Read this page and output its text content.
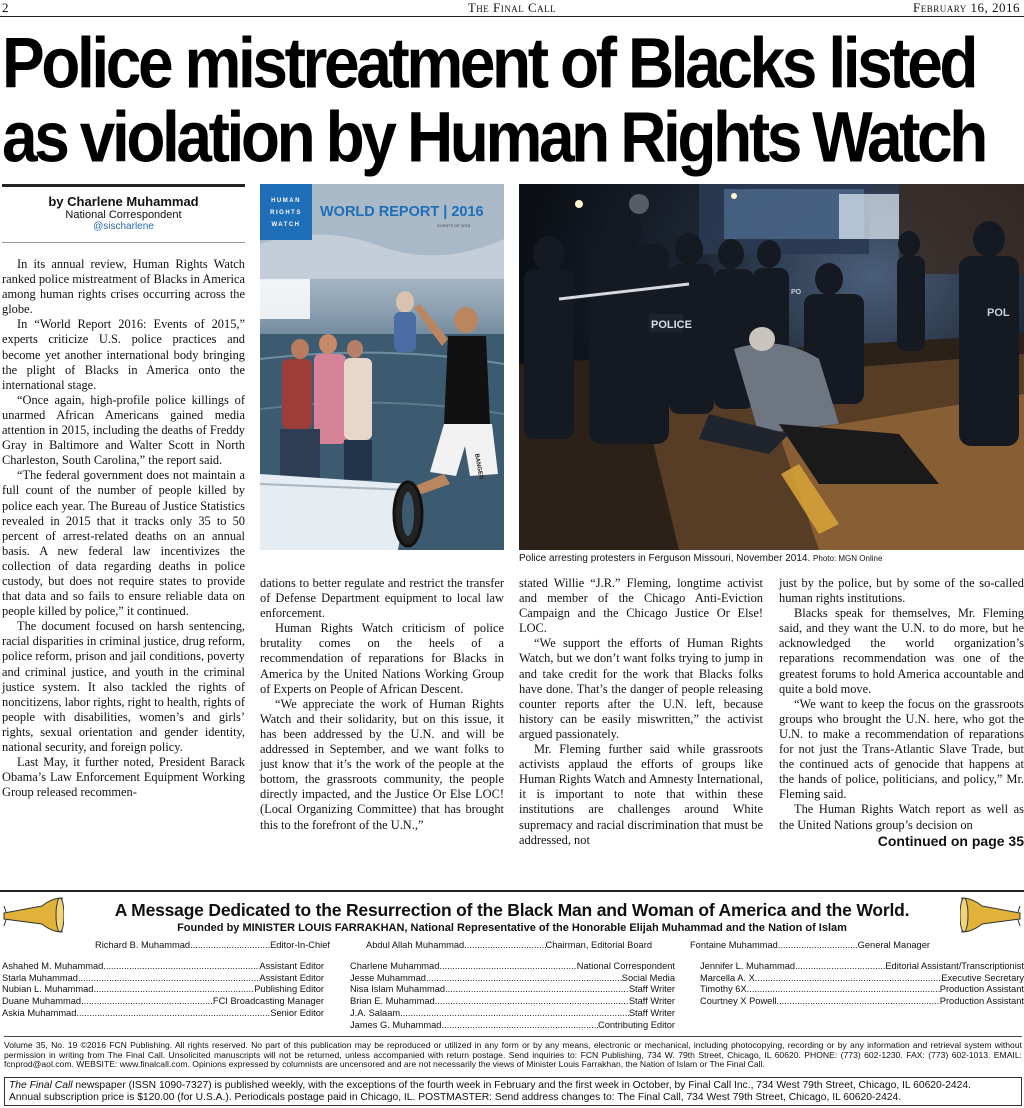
2	The Final Call	February 16, 2016
Police mistreatment of Blacks listed
as violation by Human Rights Watch
by Charlene Muhammad
National Correspondent
@sischarlene

In its annual review, Human Rights Watch ranked police mistreatment of Blacks in America among human rights crises occurring across the globe.

In “World Report 2016: Events of 2015,” experts criticize U.S. police practices and become yet another international body bringing the plight of Blacks in America onto the international stage.

“Once again, high-profile police killings of unarmed African Americans gained media attention in 2015, including the deaths of Freddy Gray in Baltimore and Walter Scott in North Charleston, South Carolina,” the report said.

“The federal government does not maintain a full count of the number of people killed by police each year. The Bureau of Justice Statistics revealed in 2015 that it tracks only 35 to 50 percent of arrest-related deaths on an annual basis. A new federal law incentivizes the collection of data regarding deaths in police custody, but does not require states to provide that data and so fails to ensure reliable data on people killed by police,” it continued.

The document focused on harsh sentencing, racial disparities in criminal justice, drug reform, police reform, prison and jail conditions, poverty and criminal justice, and youth in the criminal justice system. It also tackled the rights of noncitizens, labor rights, right to health, rights of people with disabilities, women’s and girls’ rights, sexual orientation and gender identity, national security, and foreign policy.

Last May, it further noted, President Barack Obama’s Law Enforcement Equipment Working Group released recommen-

dations to better regulate and restrict the transfer of Defense Department equipment to local law enforcement.

Human Rights Watch criticism of police brutality comes on the heels of a recommendation of reparations for Blacks in America by the United Nations Working Group of Experts on People of African Descent.

“We appreciate the work of Human Rights Watch and their solidarity, but on this issue, it has been addressed by the U.N. and will be addressed in September, and we want folks to just know that it’s the work of the people at the bottom, the grassroots community, the people directly impacted, and the Justice Or Else LOC! (Local Organizing Committee) that has brought this to the forefront of the U.N.,”

stated Willie “J.R.” Fleming, longtime activist and member of the Chicago Anti-Eviction Campaign and the Chicago Justice Or Else! LOC.

“We support the efforts of Human Rights Watch, but we don’t want folks trying to jump in and take credit for the work that Blacks folks have done. That’s the danger of people releasing counter reports after the U.N. left, because history can be easily miswritten,” the activist argued passionately.

Mr. Fleming further said while grassroots activists applaud the efforts of groups like Human Rights Watch and Amnesty International, it is important to note that within these institutions are challenges around White supremacy and racial discrimination that must be addressed, not

just by the police, but by some of the so-called human rights institutions.

Blacks speak for themselves, Mr. Fleming said, and they want the U.N. to do more, but he acknowledged the world organization’s reparations recommendation was one of the greatest forums to hold America accountable and quite a bold move.

“We want to keep the focus on the grassroots groups who brought the U.N. here, who got the U.N. to make a recommendation of reparations for not just the Trans-Atlantic Slave Trade, but the continued acts of genocide that happens at the hands of police, politicians, and policy,” Mr. Fleming said.

The Human Rights Watch report as well as the United Nations group’s decision on

Continued on page 35

HUMAN
RIGHTS
WATCH
WORLD REPORT | 2016
EVENTS OF 2015
BANGER
POLICE
POL
PO
Police arresting protesters in Ferguson Missouri, November 2014. Photo: MGN Online
A Message Dedicated to the Resurrection of the Black Man and Woman of America and the World.
Founded by MINISTER LOUIS FARRAKHAN, National Representative of the Honorable Elijah Muhammad and the Nation of Islam
Richard B. Muhammad .....	Editor-In-Chief	Abdul Allah Muhammad .....	Chairman, Editorial Board	Fontaine Muhammad .....	General Manager
Ashahed M. Muhammad .....	Assistant Editor
Starla Muhammad .....	Assistant Editor
Nubian L. Muhammad .....	Publishing Editor
Duane Muhammad .....	FCI Broadcasting Manager
Askia Muhammad .....	Senior Editor
Charlene Muhammad .....	National Correspondent
Jesse Muhammad .....	Social Media
Nisa Islam Muhammad .....	Staff Writer
Brian E. Muhammad .....	Staff Writer
J.A. Salaam .....	Staff Writer
James G. Muhammad .....	Contributing Editor
Jennifer L. Muhammad .....	Editorial Assistant/Transcriptionist
Marcella A. X .....	Executive Secretary
Timothy 6X .....	Production Assistant
Courtney X Powell .....	Production Assistant
Volume 35, No. 19 ©2016 FCN Publishing. All rights reserved. No part of this publication may be reproduced or utilized in any form or by any means, electronic or mechanical, including photocopying, recording or by any information and retrieval system without permission in writing from The Final Call. Unsolicited manuscripts will not be returned, unless accompanied with return postage. Send inquiries to: FCN Publishing, 734 W. 79th Street, Chicago, IL 60620. PHONE: (773) 602-1230. FAX: (773) 602-1013. EMAIL: fcnprod@aol.com. WEBSITE: www.finalcall.com. Opinions expressed by columnists are uncensored and are not necessarily the views of Minister Louis Farrakhan, the Nation of Islam or The Final Call.
The Final Call newspaper (ISSN 1090-7327) is published weekly, with the exceptions of the fourth week in February and the first week in October, by Final Call Inc., 734 West 79th Street, Chicago, IL 60620-2424.
Annual subscription price is $120.00 (for U.S.A.). Periodicals postage paid in Chicago, IL. POSTMASTER: Send address changes to: The Final Call, 734 West 79th Street, Chicago, IL 60620-2424.
